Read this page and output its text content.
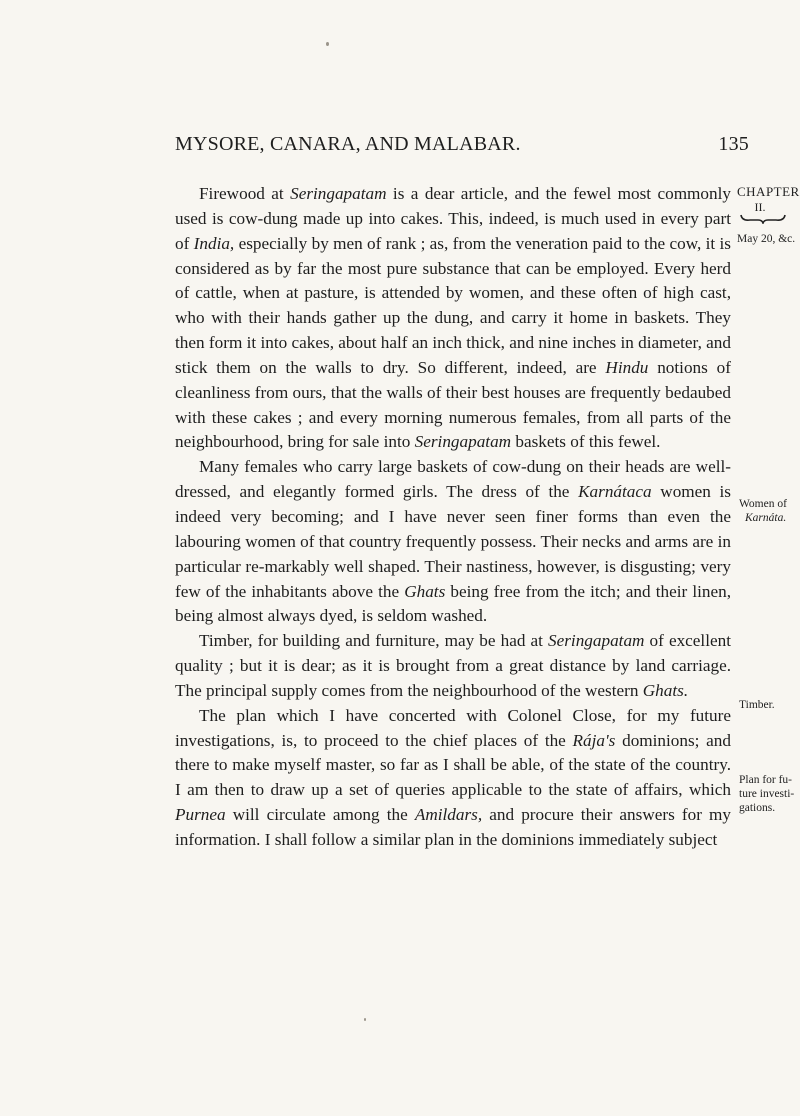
MYSORE, CANARA, AND MALABAR.	135

Firewood at Seringapatam is a dear article, and the fewel most commonly used is cow-dung made up into cakes. This, indeed, is much used in every part of India, especially by men of rank ; as, from the veneration paid to the cow, it is considered as by far the most pure substance that can be employed. Every herd of cattle, when at pasture, is attended by women, and these often of high cast, who with their hands gather up the dung, and carry it home in baskets. They then form it into cakes, about half an inch thick, and nine inches in diameter, and stick them on the walls to dry. So different, indeed, are Hindu notions of cleanliness from ours, that the walls of their best houses are frequently bedaubed with these cakes ; and every morning numerous females, from all parts of the neighbourhood, bring for sale into Seringapatam baskets of this fewel.

Many females who carry large baskets of cow-dung on their heads are well-dressed, and elegantly formed girls. The dress of the Karnátaca women is indeed very becoming; and I have never seen finer forms than even the labouring women of that country frequently possess. Their necks and arms are in particular re-markably well shaped. Their nastiness, however, is disgusting; very few of the inhabitants above the Ghats being free from the itch; and their linen, being almost always dyed, is seldom washed.

Timber, for building and furniture, may be had at Seringapatam of excellent quality ; but it is dear; as it is brought from a great distance by land carriage. The principal supply comes from the neighbourhood of the western Ghats.

The plan which I have concerted with Colonel Close, for my future investigations, is, to proceed to the chief places of the Rája's dominions; and there to make myself master, so far as I shall be able, of the state of the country. I am then to draw up a set of queries applicable to the state of affairs, which Purnea will circulate among the Amildars, and procure their answers for my information. I shall follow a similar plan in the dominions immediately subject

CHAPTER
II.
May 20, &c.
Women of
Karnáta.
Timber.
Plan for fu-
ture investi-
gations.
